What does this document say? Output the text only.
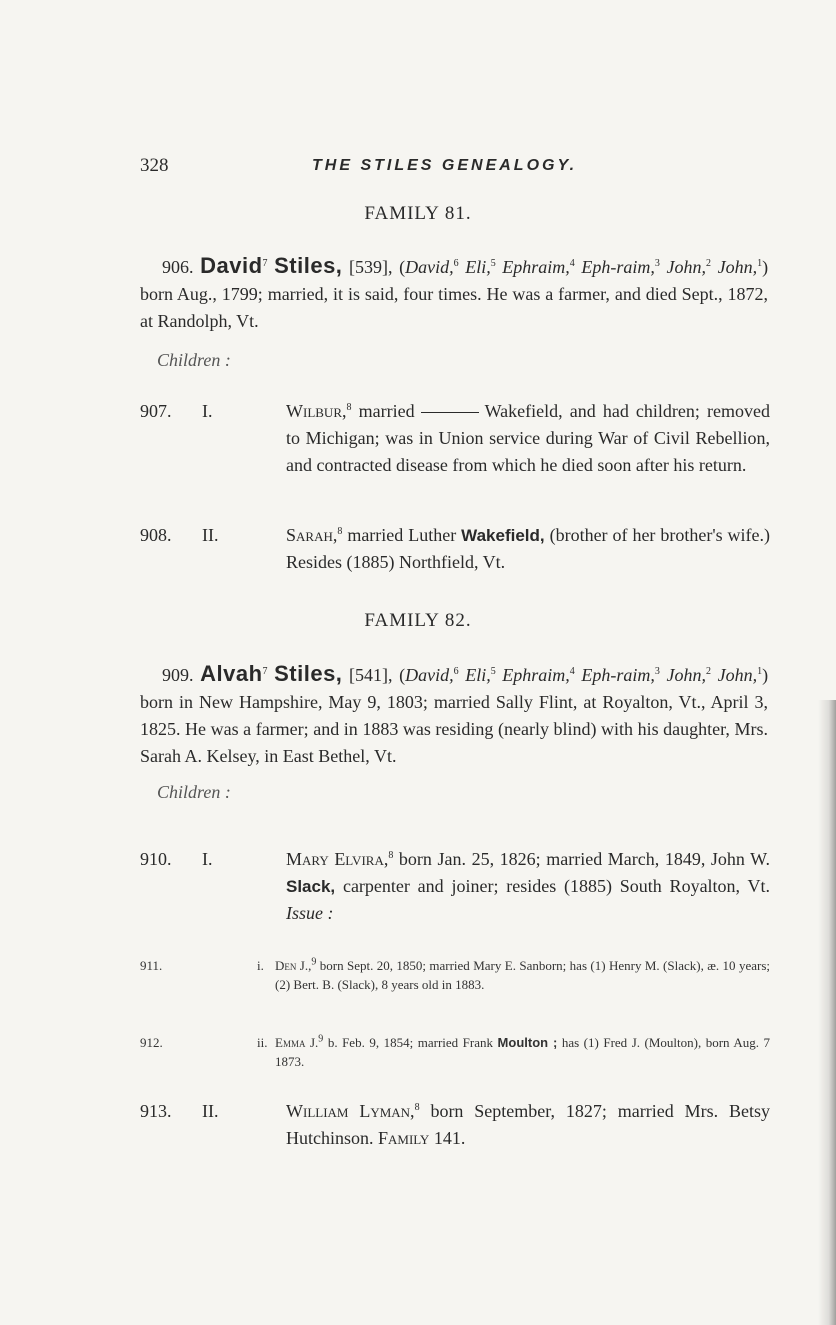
328	THE STILES GENEALOGY.
FAMILY 81.
906. David$^7$ Stiles, [539], (David,$^6$ Eli,$^5$ Ephraim,$^4$ Eph-raim,$^3$ John,$^2$ John,$^1$) born Aug., 1799; married, it is said, four times. He was a farmer, and died Sept., 1872, at Randolph, Vt.
Children :
907. I.	Wilbur,$^8$ married	Wakefield, and had children; removed to Michigan; was in Union service during War of Civil Rebellion, and contracted disease from which he died soon after his return.
908. II.	Sarah,$^8$ married Luther Wakefield, (brother of her brother's wife.) Resides (1885) Northfield, Vt.
FAMILY 82.
909. Alvah$^7$ Stiles, [541], (David,$^6$ Eli,$^5$ Ephraim,$^4$ Eph-raim,$^3$ John,$^2$ John,$^1$) born in New Hampshire, May 9, 1803; married Sally Flint, at Royalton, Vt., April 3, 1825. He was a farmer; and in 1883 was residing (nearly blind) with his daughter, Mrs. Sarah A. Kelsey, in East Bethel, Vt.
Children :
910. I.	Mary Elvira,$^8$ born Jan. 25, 1826; married March, 1849, John W. Slack, carpenter and joiner; resides (1885) South Royalton, Vt. Issue :
911.	i. Den J.,$^9$ born Sept. 20, 1850; married Mary E. Sanborn; has (1) Henry M. (Slack), æ. 10 years; (2) Bert. B. (Slack), 8 years old in 1883.
912.	ii. Emma J.$^9$ b. Feb. 9, 1854; married Frank Moulton ; has (1) Fred J. (Moulton), born Aug. 7 1873.
913. II.	William Lyman,$^8$ born September, 1827; married Mrs. Betsy Hutchinson. Family 141.
